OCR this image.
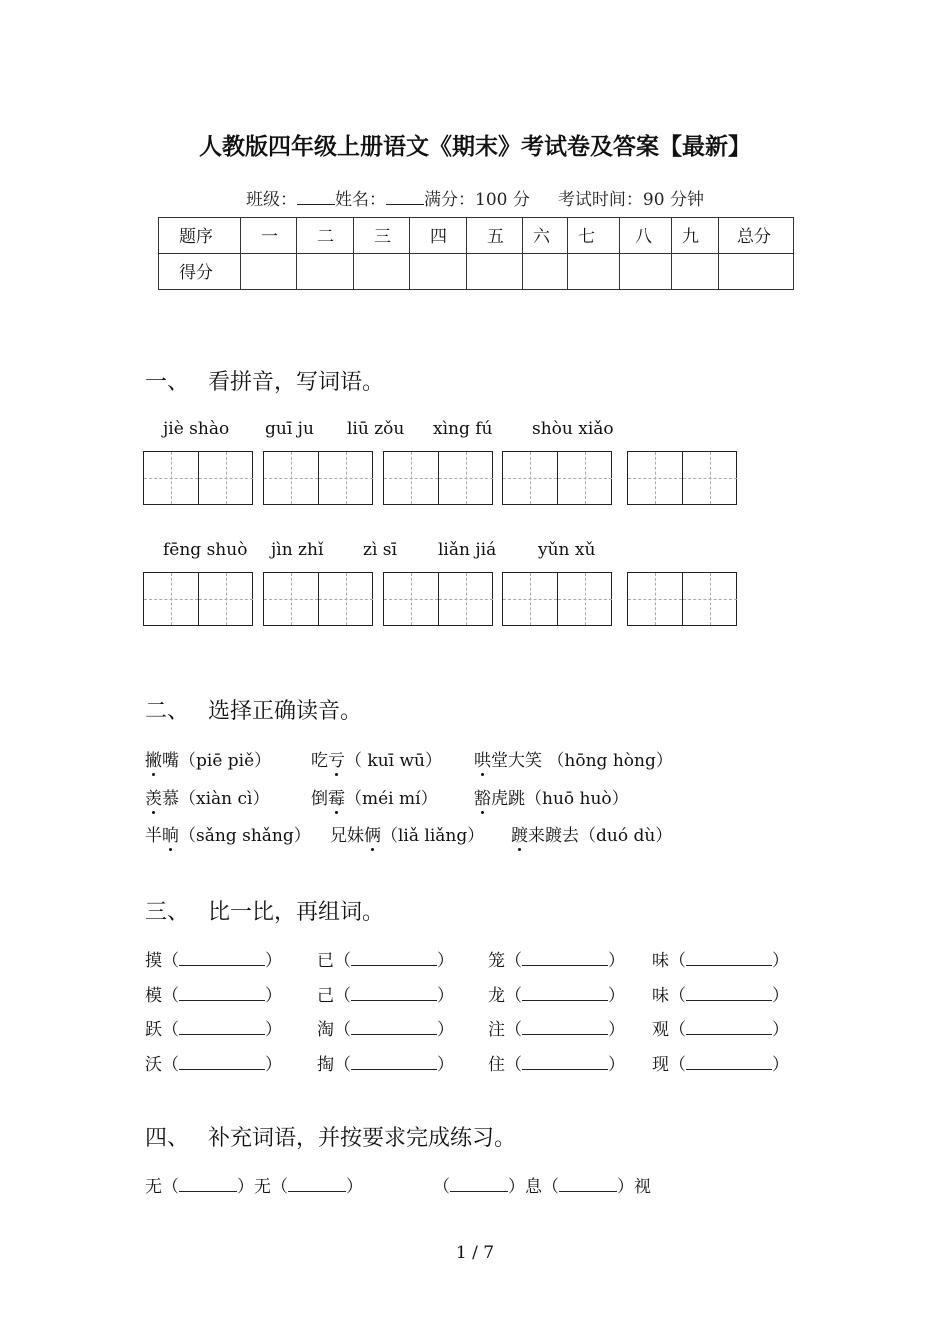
人教版四年级上册语文《期末》考试卷及答案【最新】
班级： 姓名： 满分：100 分 考试时间：90 分钟
题序	一	二	三	四	五	六	七	八	九	总分
得分										
一、 看拼音，写词语。
jiè shào guī ju liū zǒu xìng fú shòu xiǎo
fēng shuò jìn zhǐ zì sī liǎn jiá yǔn xǔ
二、 选择正确读音。
撇嘴（piē piě） 吃亏（ kuī wū） 哄堂大笑 （hōng hòng）
羡慕（xiàn cì） 倒霉（méi mí） 豁虎跳（huō huò）
半晌（sǎng shǎng） 兄妹俩（liǎ liǎng） 踱来踱去（duó dù）
三、 比一比，再组词。
摸（	） 已（	） 笼（	） 味（	）
模（	） 己（	） 龙（	） 味（	）
跃（	） 淘（	） 注（	） 观（	）
沃（	） 掏（	） 住（	） 现（	）
四、 补充词语，并按要求完成练习。
无（	）无（	）	（	）息（	）视
1 / 7
